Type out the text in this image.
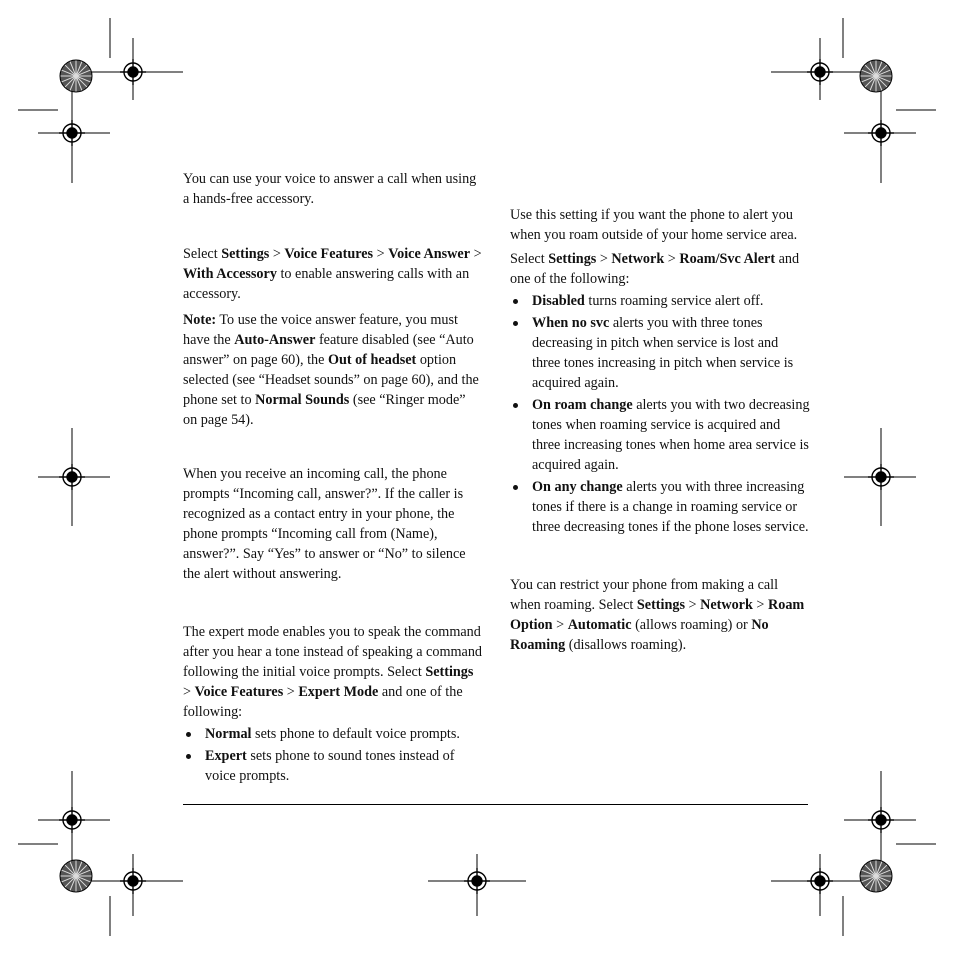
You can use your voice to answer a call when using a hands-free accessory.

Select Settings > Voice Features > Voice Answer > With Accessory to enable answering calls with an accessory.

Note: To use the voice answer feature, you must have the Auto-Answer feature disabled (see “Auto answer” on page 60), the Out of headset option selected (see “Headset sounds” on page 60), and the phone set to Normal Sounds (see “Ringer mode” on page 54).

When you receive an incoming call, the phone prompts “Incoming call, answer?”. If the caller is recognized as a contact entry in your phone, the phone prompts “Incoming call from (Name), answer?”. Say “Yes” to answer or “No” to silence the alert without answering.

The expert mode enables you to speak the command after you hear a tone instead of speaking a command following the initial voice prompts. Select Settings > Voice Features > Expert Mode and one of the following:

Normal sets phone to default voice prompts.
Expert sets phone to sound tones instead of voice prompts.

Use this setting if you want the phone to alert you when you roam outside of your home service area.

Select Settings > Network > Roam/Svc Alert and one of the following:

Disabled turns roaming service alert off.
When no svc alerts you with three tones decreasing in pitch when service is lost and three tones increasing in pitch when service is acquired again.
On roam change alerts you with two decreasing tones when roaming service is acquired and three increasing tones when home area service is acquired again.
On any change alerts you with three increasing tones if there is a change in roaming service or three decreasing tones if the phone loses service.

You can restrict your phone from making a call when roaming. Select Settings > Network > Roam Option > Automatic (allows roaming) or No Roaming (disallows roaming).
